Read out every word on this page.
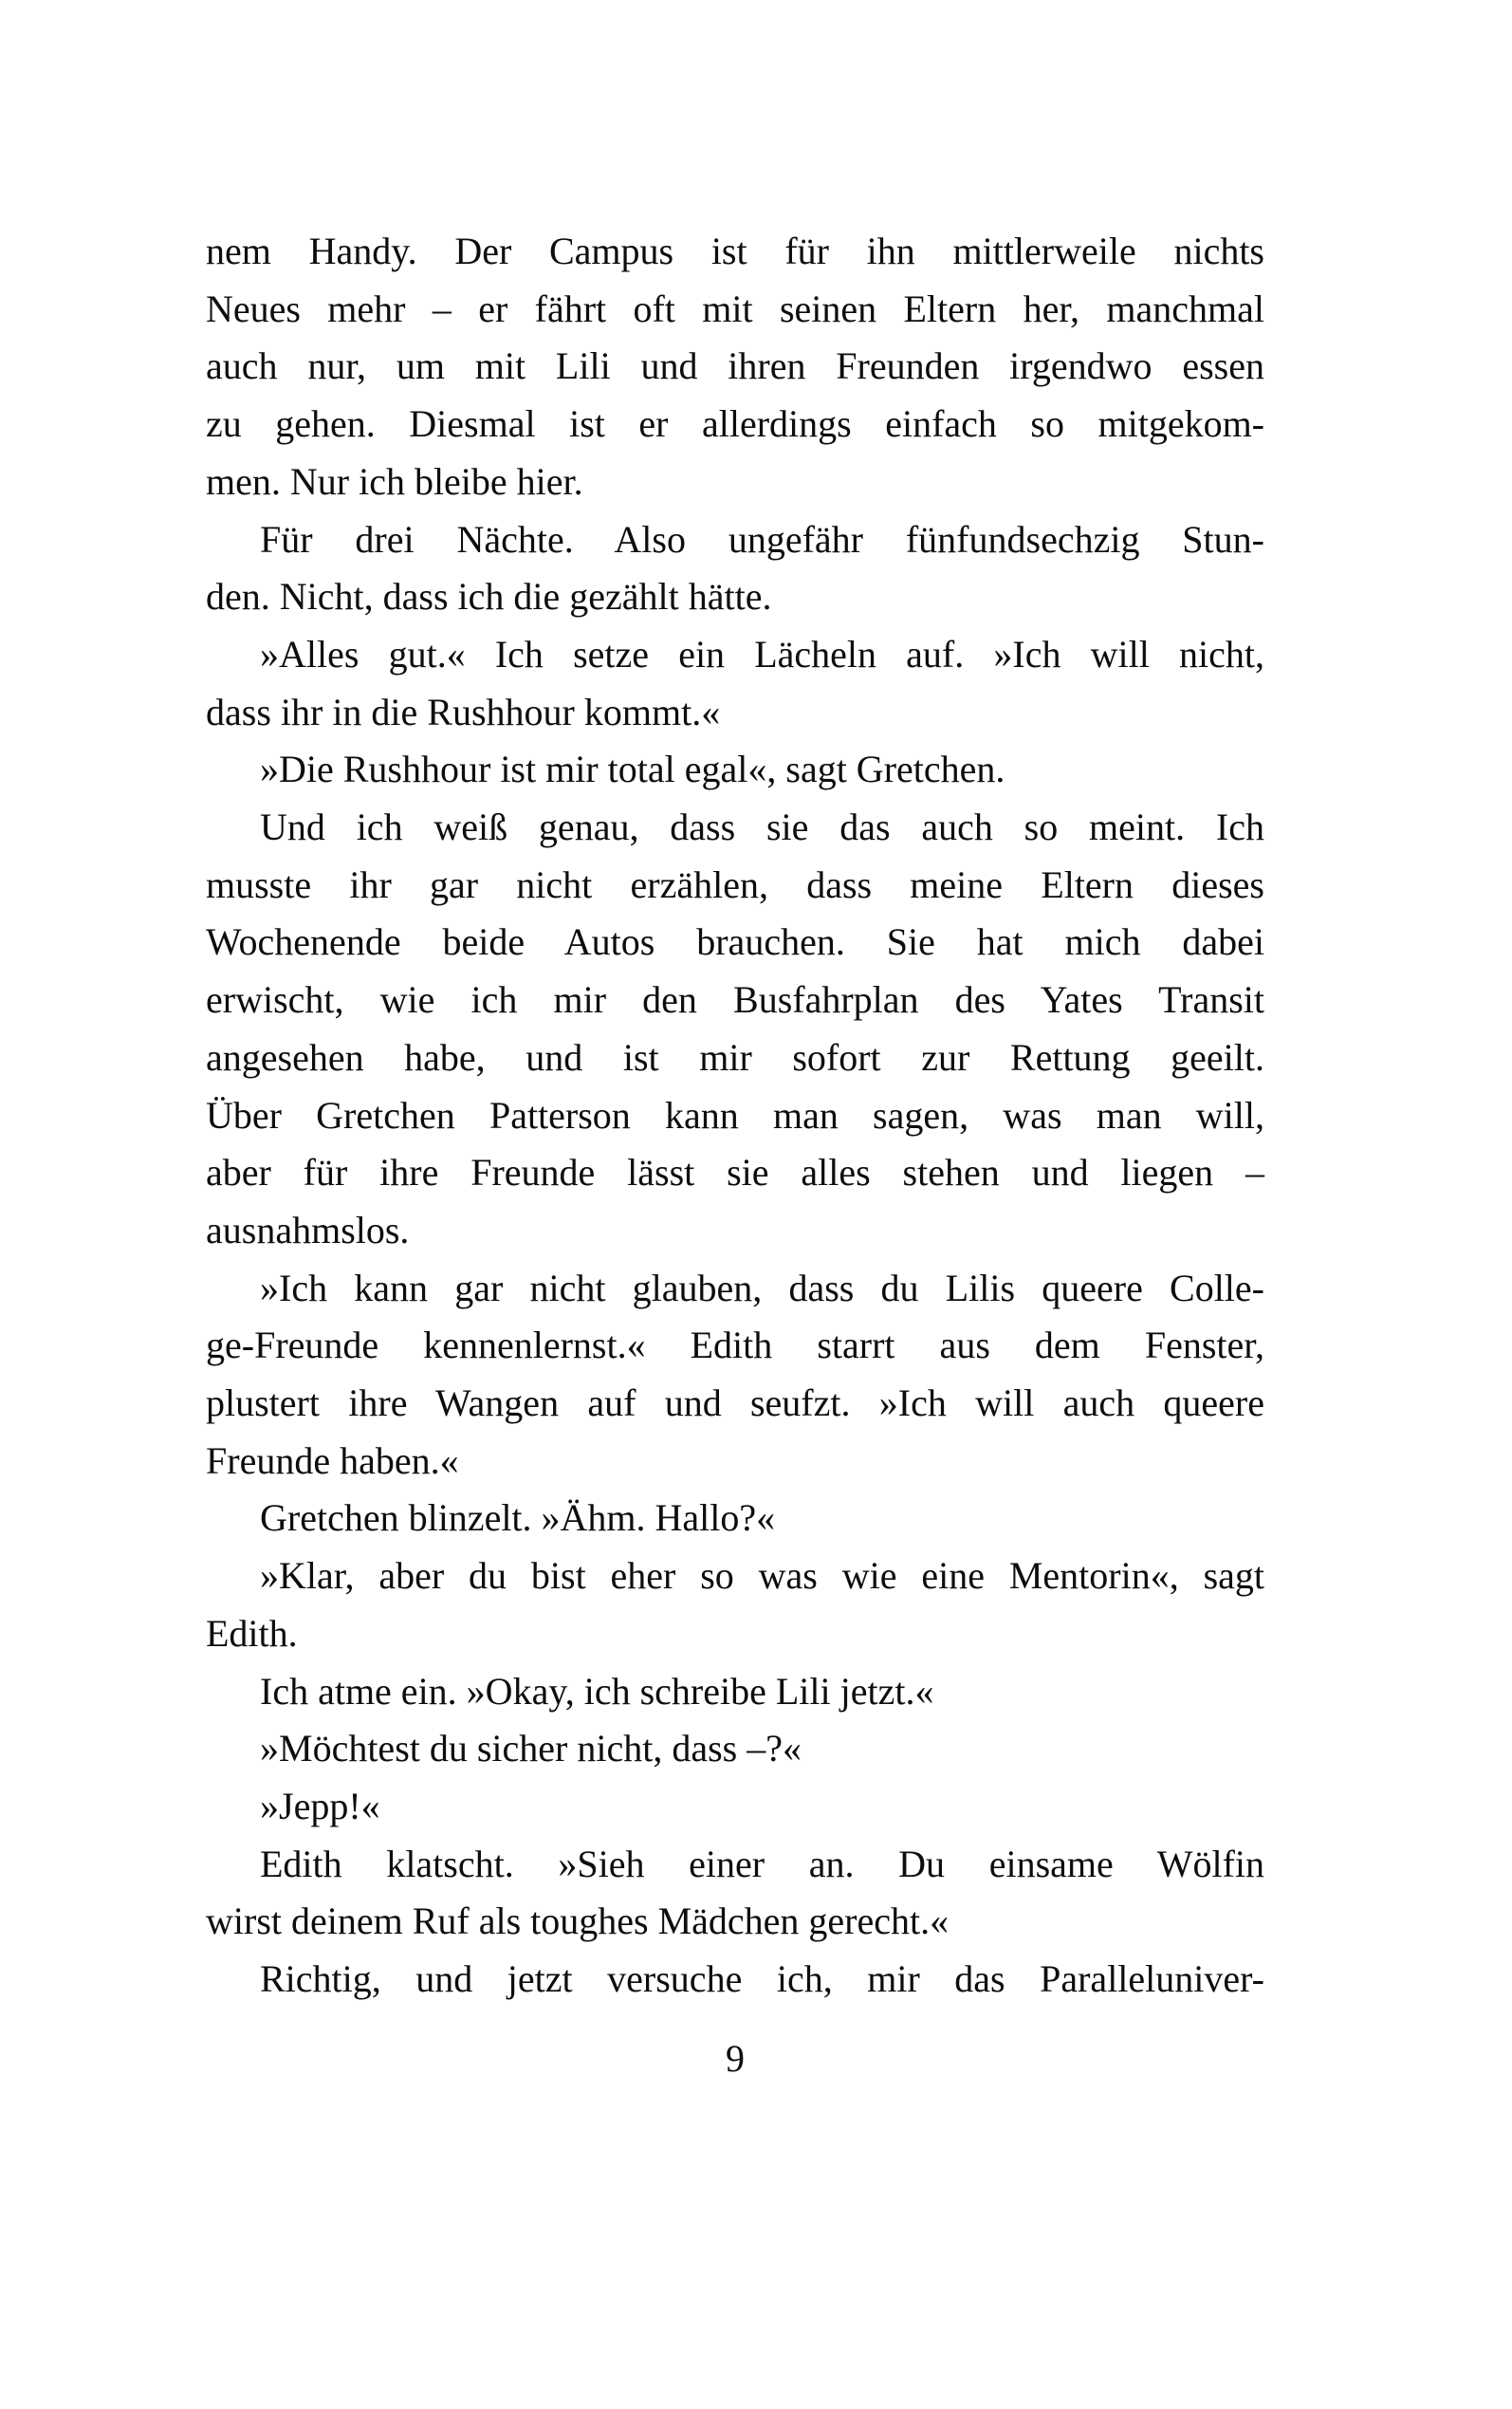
nem Handy. Der Campus ist für ihn mittlerweile nichts
Neues mehr – er fährt oft mit seinen Eltern her, manchmal
auch nur, um mit Lili und ihren Freunden irgendwo essen
zu gehen. Diesmal ist er allerdings einfach so mitgekom-
men. Nur ich bleibe hier.
Für drei Nächte. Also ungefähr fünfundsechzig Stun-
den. Nicht, dass ich die gezählt hätte.
»Alles gut.« Ich setze ein Lächeln auf. »Ich will nicht,
dass ihr in die Rushhour kommt.«
»Die Rushhour ist mir total egal«, sagt Gretchen.
Und ich weiß genau, dass sie das auch so meint. Ich
musste ihr gar nicht erzählen, dass meine Eltern dieses
Wochenende beide Autos brauchen. Sie hat mich dabei
erwischt, wie ich mir den Busfahrplan des Yates Transit
angesehen habe, und ist mir sofort zur Rettung geeilt.
Über Gretchen Patterson kann man sagen, was man will,
aber für ihre Freunde lässt sie alles stehen und liegen –
ausnahmslos.
»Ich kann gar nicht glauben, dass du Lilis queere Colle-
ge-Freunde kennenlernst.« Edith starrt aus dem Fenster,
plustert ihre Wangen auf und seufzt. »Ich will auch queere
Freunde haben.«
Gretchen blinzelt. »Ähm. Hallo?«
»Klar, aber du bist eher so was wie eine Mentorin«, sagt
Edith.
Ich atme ein. »Okay, ich schreibe Lili jetzt.«
»Möchtest du sicher nicht, dass –?«
»Jepp!«
Edith klatscht. »Sieh einer an. Du einsame Wölfin
wirst deinem Ruf als toughes Mädchen gerecht.«
Richtig, und jetzt versuche ich, mir das Paralleluniver-
9
